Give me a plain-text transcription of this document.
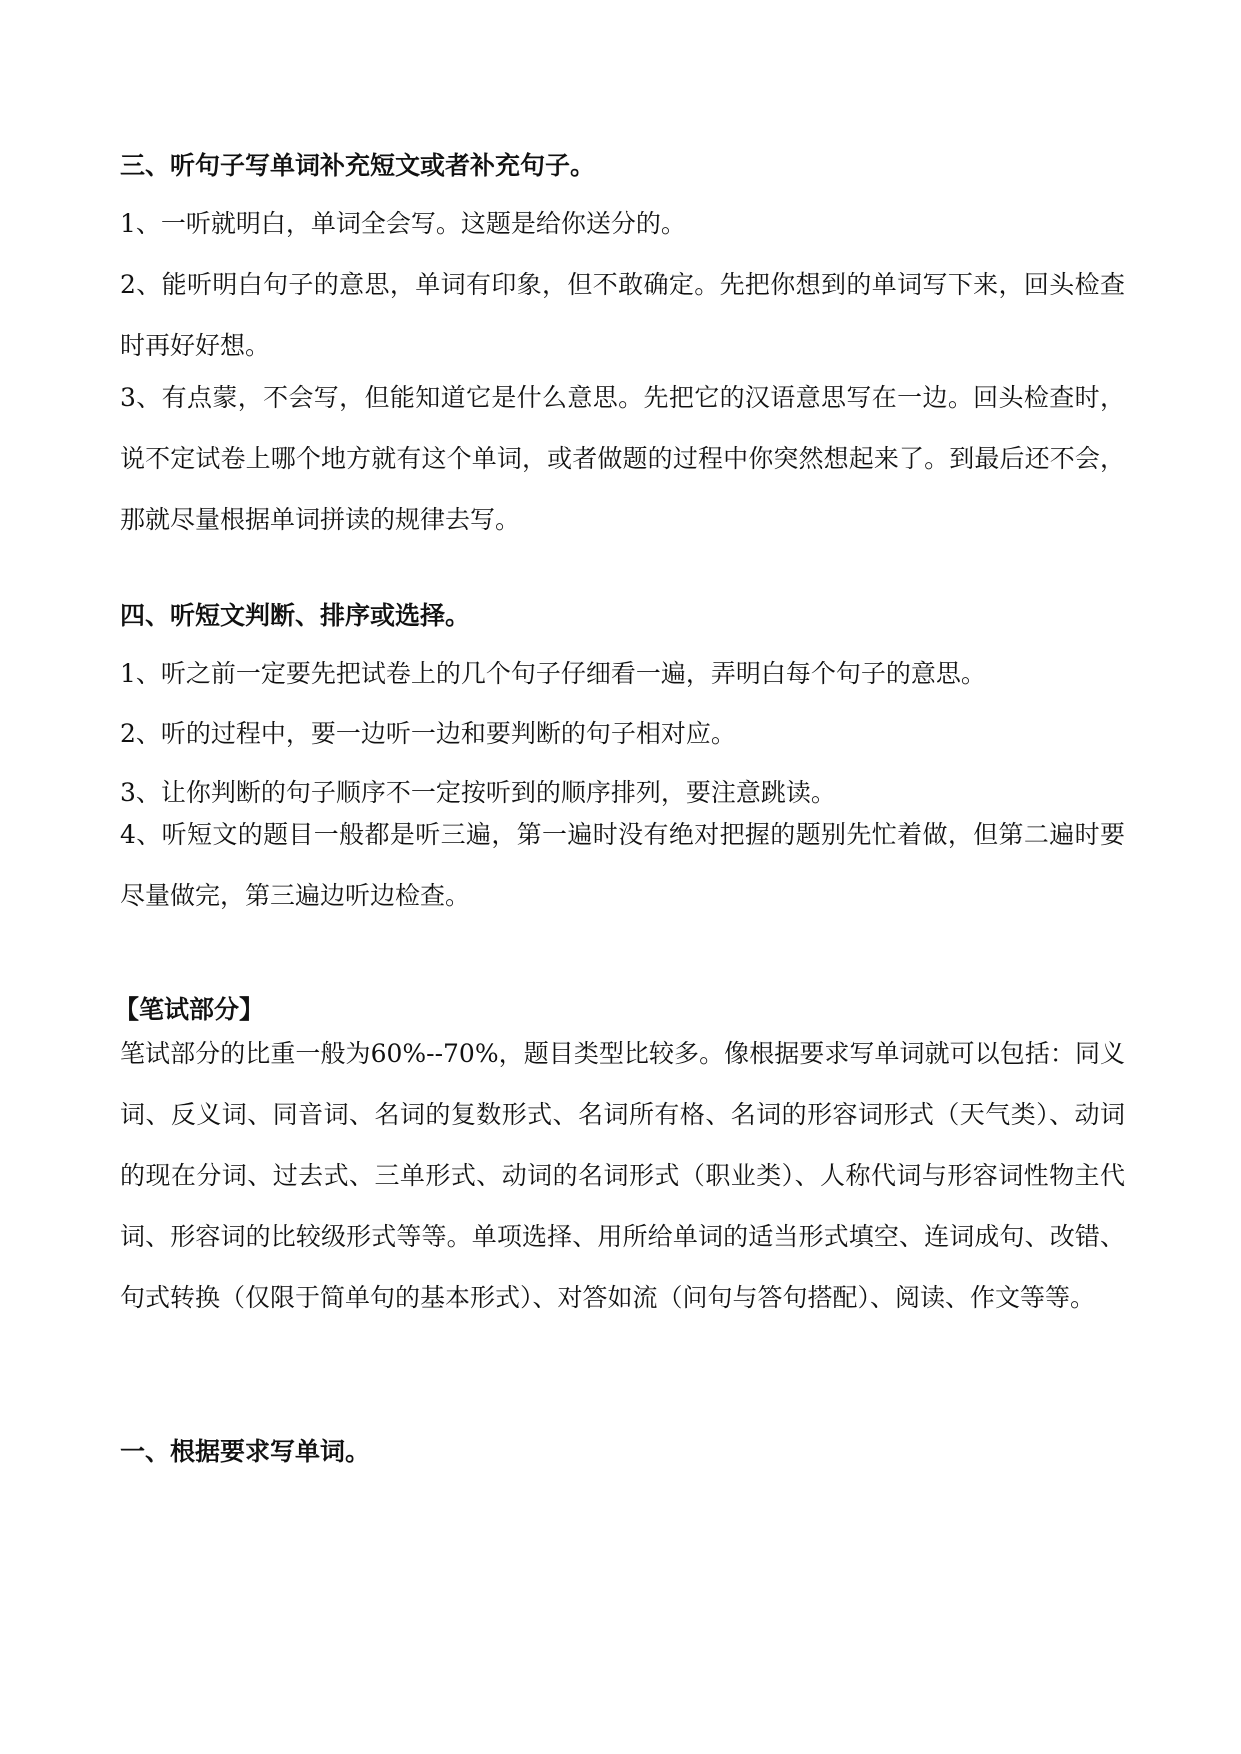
三、听句子写单词补充短文或者补充句子。
1、一听就明白，单词全会写。这题是给你送分的。
2、能听明白句子的意思，单词有印象，但不敢确定。先把你想到的单词写下来，回头检查时再好好想。
3、有点蒙，不会写，但能知道它是什么意思。先把它的汉语意思写在一边。回头检查时，说不定试卷上哪个地方就有这个单词，或者做题的过程中你突然想起来了。到最后还不会，那就尽量根据单词拼读的规律去写。
四、听短文判断、排序或选择。
1、听之前一定要先把试卷上的几个句子仔细看一遍，弄明白每个句子的意思。
2、听的过程中，要一边听一边和要判断的句子相对应。
3、让你判断的句子顺序不一定按听到的顺序排列，要注意跳读。
4、听短文的题目一般都是听三遍，第一遍时没有绝对把握的题别先忙着做，但第二遍时要尽量做完，第三遍边听边检查。
【笔试部分】
笔试部分的比重一般为60%--70%，题目类型比较多。像根据要求写单词就可以包括：同义词、反义词、同音词、名词的复数形式、名词所有格、名词的形容词形式（天气类）、动词的现在分词、过去式、三单形式、动词的名词形式（职业类）、人称代词与形容词性物主代词、形容词的比较级形式等等。单项选择、用所给单词的适当形式填空、连词成句、改错、句式转换（仅限于简单句的基本形式）、对答如流（问句与答句搭配）、阅读、作文等等。
一、根据要求写单词。
